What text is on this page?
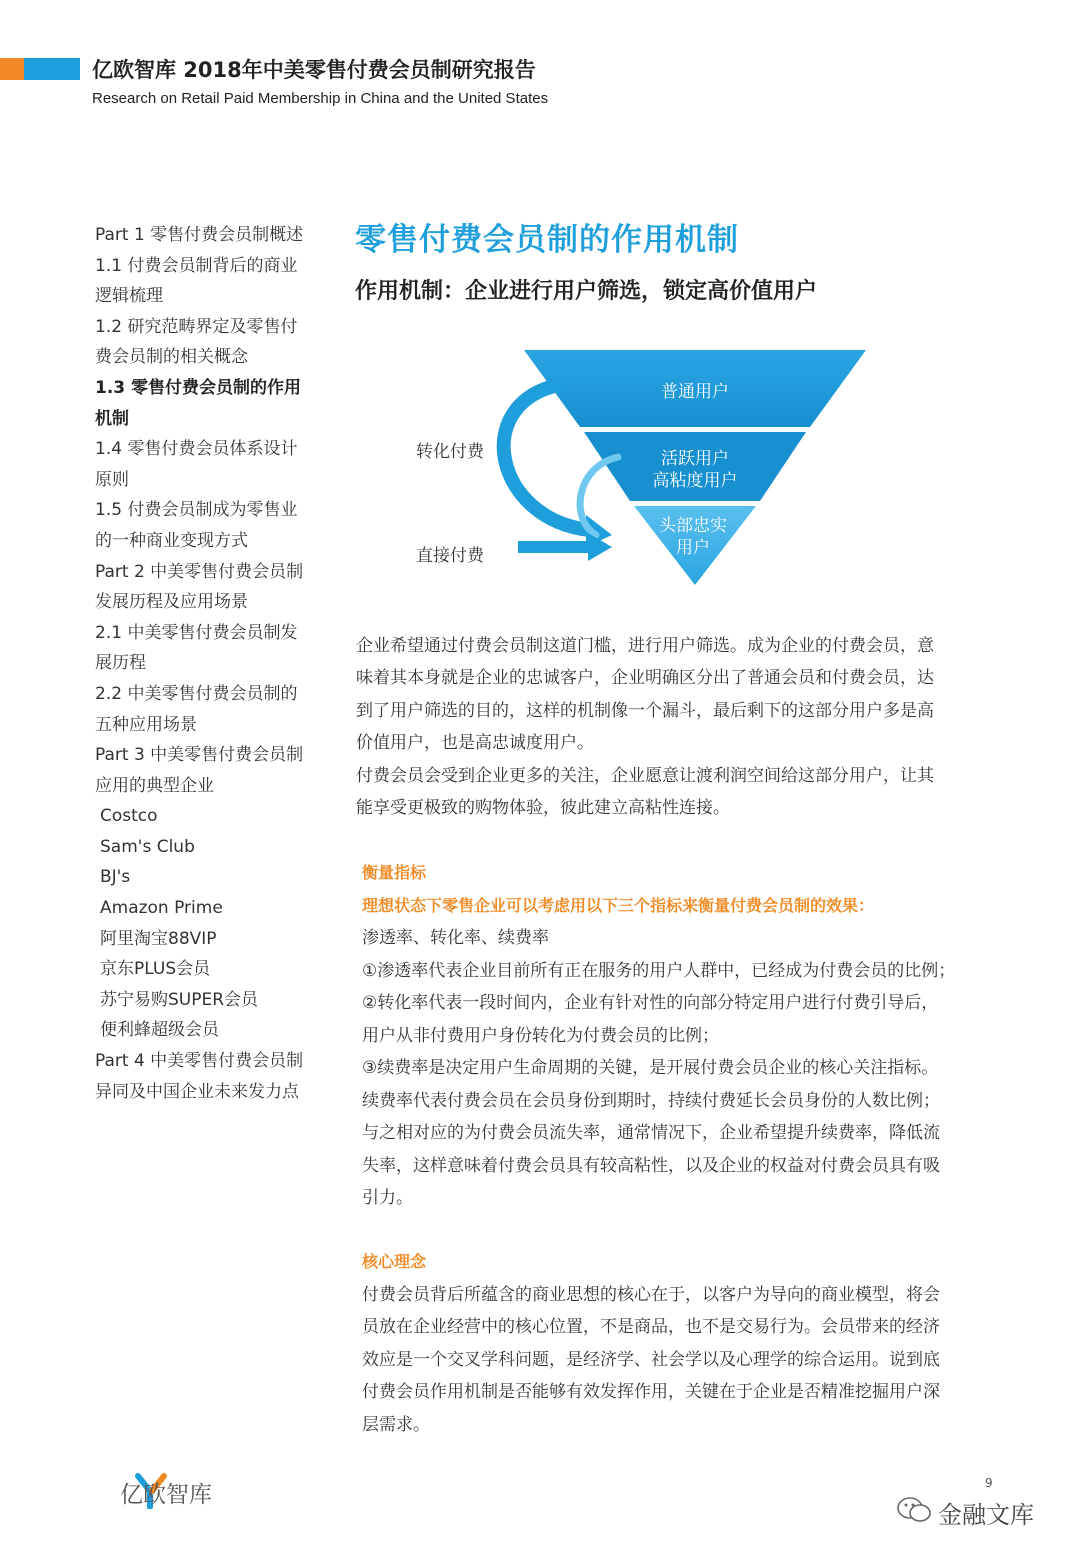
亿欧智库 2018年中美零售付费会员制研究报告
Research on Retail Paid Membership in China and the United States
Part 1 零售付费会员制概述
1.1 付费会员制背后的商业
逻辑梳理
1.2 研究范畴界定及零售付
费会员制的相关概念
1.3 零售付费会员制的作用
机制
1.4 零售付费会员体系设计
原则
1.5 付费会员制成为零售业
的一种商业变现方式
Part 2 中美零售付费会员制
发展历程及应用场景
2.1 中美零售付费会员制发
展历程
2.2 中美零售付费会员制的
五种应用场景
Part 3 中美零售付费会员制
应用的典型企业
Costco
Sam's Club
BJ's
Amazon Prime
阿里淘宝88VIP
京东PLUS会员
苏宁易购SUPER会员
便利蜂超级会员
Part 4 中美零售付费会员制
异同及中国企业未来发力点
零售付费会员制的作用机制
作用机制：企业进行用户筛选，锁定高价值用户
普通用户
活跃用户
高粘度用户
头部忠实
用户
转化付费
直接付费
企业希望通过付费会员制这道门槛，进行用户筛选。成为企业的付费会员，意
味着其本身就是企业的忠诚客户，企业明确区分出了普通会员和付费会员，达
到了用户筛选的目的，这样的机制像一个漏斗，最后剩下的这部分用户多是高
价值用户，也是高忠诚度用户。
付费会员会受到企业更多的关注，企业愿意让渡利润空间给这部分用户，让其
能享受更极致的购物体验，彼此建立高粘性连接。
衡量指标
理想状态下零售企业可以考虑用以下三个指标来衡量付费会员制的效果：
渗透率、转化率、续费率
①渗透率代表企业目前所有正在服务的用户人群中，已经成为付费会员的比例；
②转化率代表一段时间内，企业有针对性的向部分特定用户进行付费引导后，
用户从非付费用户身份转化为付费会员的比例；
③续费率是决定用户生命周期的关键，是开展付费会员企业的核心关注指标。
续费率代表付费会员在会员身份到期时，持续付费延长会员身份的人数比例；
与之相对应的为付费会员流失率，通常情况下，企业希望提升续费率，降低流
失率，这样意味着付费会员具有较高粘性，以及企业的权益对付费会员具有吸
引力。
核心理念
付费会员背后所蕴含的商业思想的核心在于，以客户为导向的商业模型，将会
员放在企业经营中的核心位置，不是商品，也不是交易行为。会员带来的经济
效应是一个交叉学科问题，是经济学、社会学以及心理学的综合运用。说到底
付费会员作用机制是否能够有效发挥作用，关键在于企业是否精准挖掘用户深
层需求。
亿欧智库	9
金融文库
